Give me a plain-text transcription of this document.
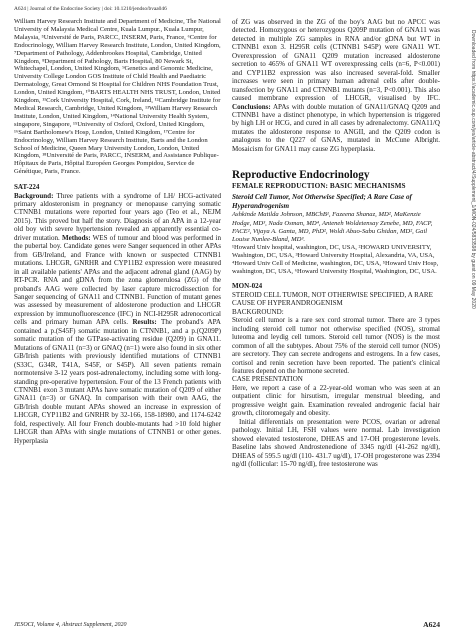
A624 | Journal of the Endocrine Society | doi: 10.1210/jendso/bvaa046
Downloaded from https://academic.oup.com/jes/article-abstract/4/Supplement_1/MON-024/5833598 by guest on 09 May 2020

William Harvey Research Institute and Department of Medicine, The National University of Malaysia Medical Centre, Kuala Lumpur., Kuala Lumpur, Malaysia, ⁵Université de Paris, PARCC, INSERM, Paris, France, ⁶Centre for Endocrinology, William Harvey Research Institute, London, United Kingdom, ⁷Department of Pathology, Addenbrookes Hospital, Cambridge, United Kingdom, ⁸Department of Pathology, Barts Hospital, 80 Newark St, Whitechapel, London, United Kingdom, ⁹Genetics and Genomic Medicine, University College London GOS Institute of Child Health and Paediatric Dermatology, Great Ormond St Hospital for Children NHS Foundation Trust, London, United Kingdom, ¹⁰BARTS HEALTH NHS TRUST, London, United Kingdom, ¹¹Cork University Hospital, Cork, Ireland, ¹²Cambridge Institute for Medical Research, Cambridge, United Kingdom, ¹³William Harvey Research Institute, London, United Kingdom, ¹⁴National University Health System, singapore, Singapore, ¹⁵University of Oxford, Oxford, United Kingdom, ¹⁶Saint Bartholomew's Hosp, London, United Kingdom, ¹⁷Centre for Endocrinology, William Harvey Research Institute, Barts and the London School of Medicine, Queen Mary University London, London, United Kingdom, ¹⁸Université de Paris, PARCC, INSERM, and Assistance Publique-Hôpitaux de Paris, Hôpital Européen Georges Pompidou, Service de Génétique, Paris, France.

SAT-224

Background: Three patients with a syndrome of LH/ HCG-activated primary aldosteronism in pregnancy or menopause carrying somatic CTNNB1 mutations were reported four years ago (Teo et al., NEJM 2015). This proved but half the story. Diagnosis of an APA in a 12-year old boy with severe hypertension revealed an apparently essential co-driver mutation. Methods: WES of tumour and blood was performed in the pubertal boy. Candidate genes were Sanger sequenced in other APAs from GB/Ireland, and France with known or suspected CTNNB1 mutations. LHCGR, GNRHR and CYP11B2 expression were measured in all available patients' APAs and the adjacent adrenal gland (AAG) by RT-PCR. RNA and gDNA from the zona glomerulosa (ZG) of the proband's AAG were collected by laser capture microdissection for Sanger sequencing of GNA11 and CTNNB1. Function of mutant genes was assessed by measurement of aldosterone production and LHCGR expression by immunofluorescence (IFC) in NCI-H295R adrenocortical cells and primary human APA cells. Results: The proband's APA contained a p.(S45F) somatic mutation in CTNNB1, and a p.(Q209P) somatic mutation of the GTPase-activating residue (Q209) in GNA11. Mutations of GNA11 (n=3) or GNAQ (n=1) were also found in six other GB/Irish patients with previously identified mutations of CTNNB1 (S33C, G34R, T41A, S45F, or S45P). All seven patients remain normotensive 3-12 years post-adrenalectomy, including some with long-standing pre-operative hypertension. Four of the 13 French patients with CTNNB1 exon 3 mutant APAs have somatic mutation of Q209 of either GNA11 (n=3) or GNAQ. In comparison with their own AAG, the GB/Irish double mutant APAs showed an increase in expression of LHCGR, CYP11B2 and GNRHR by 32-166, 158-18980, and 1174-6242 fold, respectively. All four French double-mutants had >10 fold higher LHCGR than APAs with single mutations of CTNNB1 or other genes. Hyperplasia

of ZG was observed in the ZG of the boy's AAG but no APCC was detected. Homozygous or heterozygous Q209P mutation of GNA11 was detected in multiple ZG samples in RNA and/or gDNA but WT in CTNNB1 exon 3. H295R cells (CTNNB1 S45P) were GNA11 WT. Overexpression of GNA11 Q209 mutation increased aldosterone secretion to 465% of GNA11 WT overexpressing cells (n=6, P<0.001) and CYP11B2 expression was also increased several-fold. Smaller increases were seen in primary human adrenal cells after double-transfection by GNA11 and CTNNB1 mutants (n=3, P<0.001). This also caused membrane expression of LHCGR, visualised by IFC. Conclusions: APAs with double mutation of GNA11/GNAQ Q209 and CTNNB1 have a distinct phenotype, in which hypertension is triggered by high LH or HCG, and cured in all cases by adrenalectomy. GNA11/Q mutates the aldosterone response to ANGII, and the Q209 codon is analogous to the Q227 of GNAS, mutated in McCune Albright. Mosaicism for GNA11 may cause ZG hyperplasia.

Reproductive Endocrinology
FEMALE REPRODUCTION: BASIC MECHANISMS
Steroid Cell Tumor, Not Otherwise Specified; A Rare Case of Hyperandrogenism
Ashkinde Matilda Johnson, MBChB¹, Fazeena Shanaz, MD², MaKenzie Hodge, MD³, Nada Osman, MD⁴, Anteneh Woldetensay Zenebe, MD, FACP, FACE², Vijaya A. Ganta, MD, PhD², Woldi Abuo-Sabu Ghidan, MD², Gail Louise Nunlee-Bland, MD³.
¹Howard Univ hospital, washington, DC, USA, ²HOWARD UNIVERSITY, Washington, DC, USA, ³Howard University Hospital, Alexandria, VA, USA, ⁴Howard Univ Cell of Medicine, washington, DC, USA, ⁵Howard Univ Hosp, washington, DC, USA, ⁶Howard University Hospital, Washington, DC, USA.

MON-024

STEROID CELL TUMOR, NOT OTHERWISE SPECIFIED, A RARE CAUSE OF HYPERANDROGENISM

BACKGROUND:

Steroid cell tumor is a rare sex cord stromal tumor. There are 3 types including steroid cell tumor not otherwise specified (NOS), stromal luteoma and leydig cell tumors. Steroid cell tumor (NOS) is the most common of all the subtypes. About 75% of the steroid cell tumor (NOS) are secretory. They can secrete androgens and estrogens. In a few cases, cortisol and renin secretion have been reported. The patient's clinical features depend on the hormone secreted.

CASE PRESENTATION

Here, we report a case of a 22-year-old woman who was seen at an outpatient clinic for hirsutism, irregular menstrual bleeding, and progressive weight gain. Examination revealed androgenic facial hair growth, clitoromegaly and obesity.

Initial differentials on presentation were PCOS, ovarian or adrenal pathology. Initial LH, FSH values were normal. Lab investigation showed elevated testosterone, DHEAS and 17-OH progesterone levels. Baseline labs showed Androstenedione of 3345 ng/dl (41-262 ng/dl), DHEAS of 595.5 ug/dl (110- 431.7 ug/dl), 17-OH progesterone was 2394 ng/dl (follicular: 15-70 ng/dl), free testosterone was

JESOCI, Volume 4, Abstract Supplement, 2020	A624
